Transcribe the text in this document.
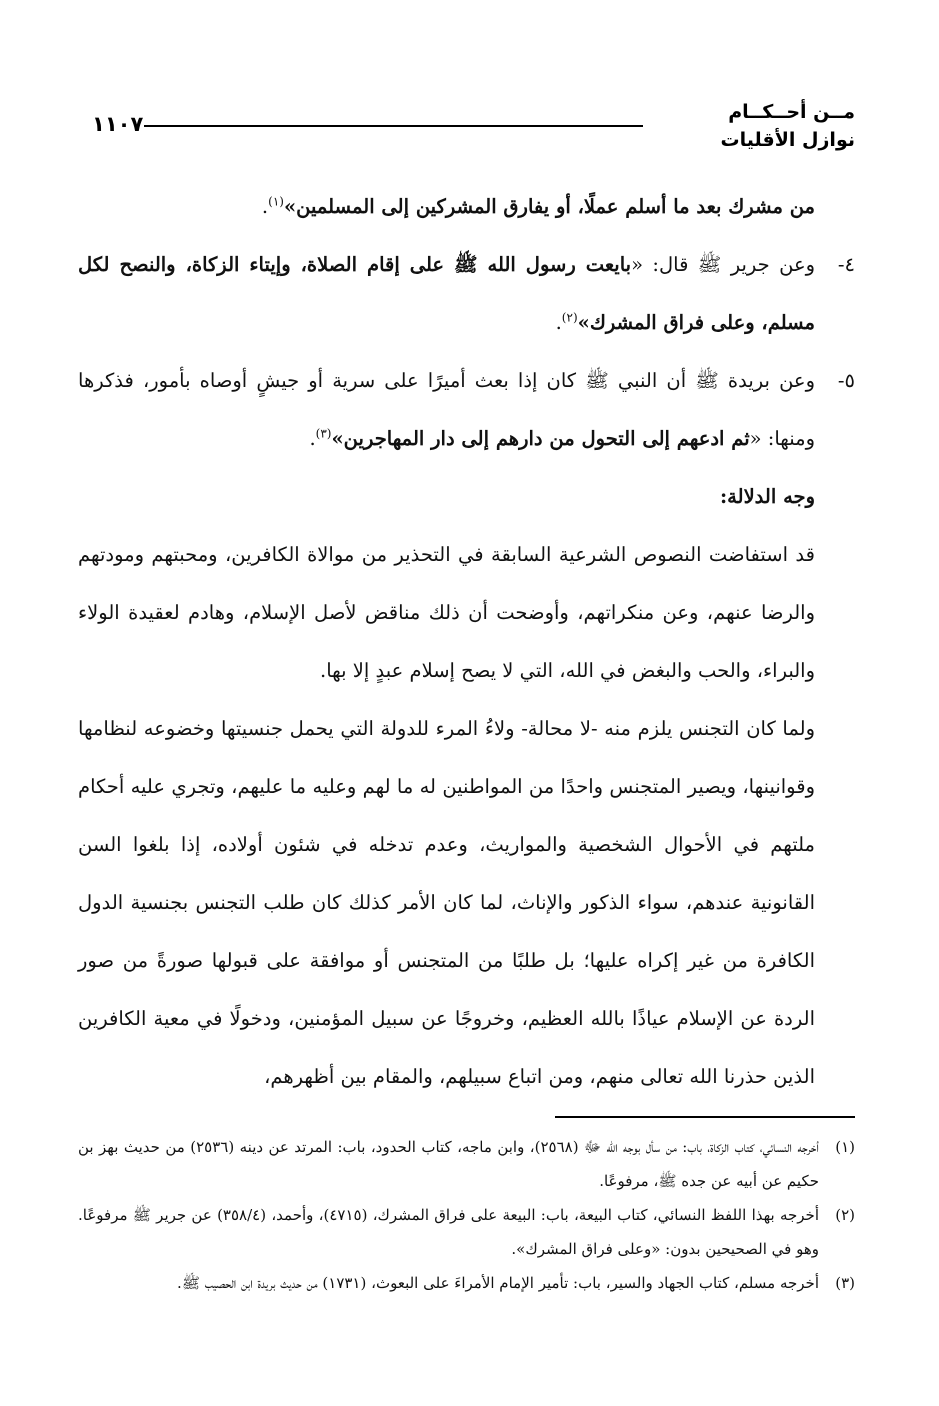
مــن أحــكــام
نوازل الأقليات
١١٠٧

من مشرك بعد ما أسلم عملًا، أو يفارق المشركين إلى المسلمين»$^{(١)}$.

٤-
وعن جرير ﷺ قال: «بايعت رسول الله ﷺ على إقام الصلاة، وإيتاء الزكاة، والنصح لكل مسلم، وعلى فراق المشرك»$^{(٢)}$.
٥-
وعن بريدة ﷺ أن النبي ﷺ كان إذا بعث أميرًا على سرية أو جيشٍ أوصاه بأمور، فذكرها ومنها: «ثم ادعهم إلى التحول من دارهم إلى دار المهاجرين»$^{(٣)}$.

وجه الدلالة:

قد استفاضت النصوص الشرعية السابقة في التحذير من موالاة الكافرين، ومحبتهم ومودتهم والرضا عنهم، وعن منكراتهم، وأوضحت أن ذلك مناقض لأصل الإسلام، وهادم لعقيدة الولاء والبراء، والحب والبغض في الله، التي لا يصح إسلام عبدٍ إلا بها.

ولما كان التجنس يلزم منه -لا محالة- ولاءُ المرء للدولة التي يحمل جنسيتها وخضوعه لنظامها وقوانينها، ويصير المتجنس واحدًا من المواطنين له ما لهم وعليه ما عليهم، وتجري عليه أحكام ملتهم في الأحوال الشخصية والمواريث، وعدم تدخله في شئون أولاده، إذا بلغوا السن القانونية عندهم، سواء الذكور والإناث، لما كان الأمر كذلك كان طلب التجنس بجنسية الدول الكافرة من غير إكراه عليها؛ بل طلبًا من المتجنس أو موافقة على قبولها صورةً من صور الردة عن الإسلام عياذًا بالله العظيم، وخروجًا عن سبيل المؤمنين، ودخولًا في معية الكافرين الذين حذرنا الله تعالى منهم، ومن اتباع سبيلهم، والمقام بين أظهرهم،

(١)
أخرجه النسائي، كتاب الزكاة، باب: من سأل بوجه الله ﷻ (٢٥٦٨)، وابن ماجه، كتاب الحدود، باب: المرتد عن دينه (٢٥٣٦) من حديث بهز بن حكيم عن أبيه عن جده ﷺ، مرفوعًا.
(٢)
أخرجه بهذا اللفظ النسائي، كتاب البيعة، باب: البيعة على فراق المشرك، (٤٧١٥)، وأحمد، (٣٥٨/٤) عن جرير ﷺ مرفوعًا. وهو في الصحيحين بدون: «وعلى فراق المشرك».
(٣)
أخرجه مسلم، كتاب الجهاد والسير، باب: تأمير الإمام الأمراءَ على البعوث، (١٧٣١) من حديث بريدة ابن الحصيب ﷺ.
